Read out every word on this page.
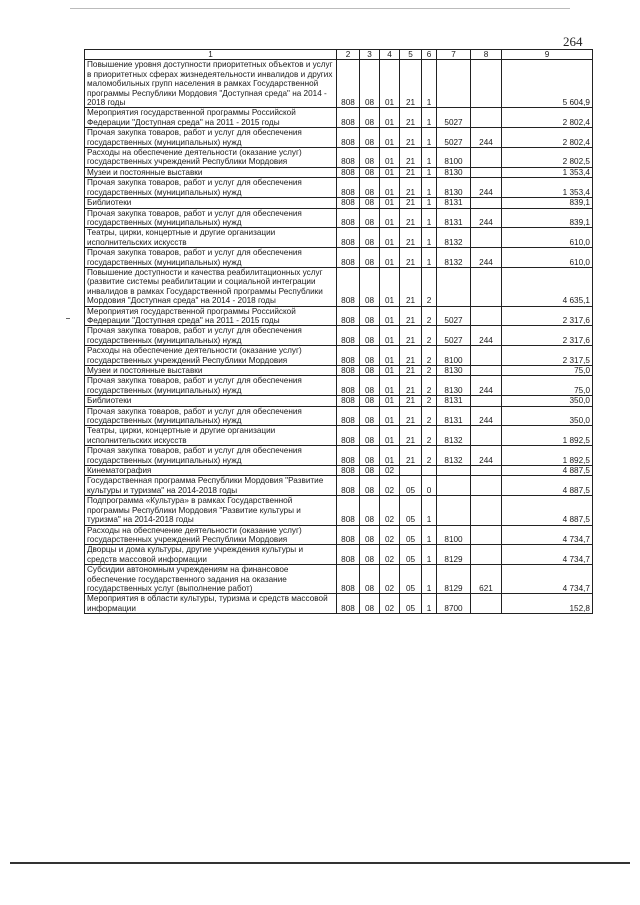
264
1	2	3	4	5	6	7	8	9
Повышение уровня доступности приоритетных объектов и услуг в приоритетных сферах жизнедеятельности инвалидов и других маломобильных групп населения в рамках Государственной программы Республики Мордовия "Доступная среда" на 2014 - 2018 годы	808	08	01	21	1			5 604,9
Мероприятия государственной программы Российской Федерации "Доступная среда" на 2011 - 2015 годы	808	08	01	21	1	5027		2 802,4
Прочая закупка товаров, работ и услуг для обеспечения государственных (муниципальных) нужд	808	08	01	21	1	5027	244	2 802,4
Расходы на обеспечение деятельности (оказание услуг) государственных учреждений Республики Мордовия	808	08	01	21	1	8100		2 802,5
Музеи и постоянные выставки	808	08	01	21	1	8130		1 353,4
Прочая закупка товаров, работ и услуг для обеспечения государственных (муниципальных) нужд	808	08	01	21	1	8130	244	1 353,4
Библиотеки	808	08	01	21	1	8131		839,1
Прочая закупка товаров, работ и услуг для обеспечения государственных (муниципальных) нужд	808	08	01	21	1	8131	244	839,1
Театры, цирки, концертные и другие организации исполнительских искусств	808	08	01	21	1	8132		610,0
Прочая закупка товаров, работ и услуг для обеспечения государственных (муниципальных) нужд	808	08	01	21	1	8132	244	610,0
Повышение доступности и качества реабилитационных услуг (развитие системы реабилитации и социальной интеграции инвалидов в рамках Государственной программы Республики Мордовия "Доступная среда" на 2014 - 2018 годы	808	08	01	21	2			4 635,1
Мероприятия государственной программы Российской Федерации "Доступная среда" на 2011 - 2015 годы	808	08	01	21	2	5027		2 317,6
Прочая закупка товаров, работ и услуг для обеспечения государственных (муниципальных) нужд	808	08	01	21	2	5027	244	2 317,6
Расходы на обеспечение деятельности (оказание услуг) государственных учреждений Республики Мордовия	808	08	01	21	2	8100		2 317,5
Музеи и постоянные выставки	808	08	01	21	2	8130		75,0
Прочая закупка товаров, работ и услуг для обеспечения государственных (муниципальных) нужд	808	08	01	21	2	8130	244	75,0
Библиотеки	808	08	01	21	2	8131		350,0
Прочая закупка товаров, работ и услуг для обеспечения государственных (муниципальных) нужд	808	08	01	21	2	8131	244	350,0
Театры, цирки, концертные и другие организации исполнительских искусств	808	08	01	21	2	8132		1 892,5
Прочая закупка товаров, работ и услуг для обеспечения государственных (муниципальных) нужд	808	08	01	21	2	8132	244	1 892,5
Кинематография	808	08	02					4 887,5
Государственная программа Республики Мордовия "Развитие культуры и туризма" на 2014-2018 годы	808	08	02	05	0			4 887,5
Подпрограмма «Культура» в рамках Государственной программы Республики Мордовия "Развитие культуры и туризма" на 2014-2018 годы	808	08	02	05	1			4 887,5
Расходы на обеспечение деятельности (оказание услуг) государственных учреждений Республики Мордовия	808	08	02	05	1	8100		4 734,7
Дворцы и дома культуры, другие учреждения культуры и средств массовой информации	808	08	02	05	1	8129		4 734,7
Субсидии автономным учреждениям на финансовое обеспечение государственного задания на оказание государственных услуг (выполнение работ)	808	08	02	05	1	8129	621	4 734,7
Мероприятия в области культуры, туризма и средств массовой информации	808	08	02	05	1	8700		152,8
